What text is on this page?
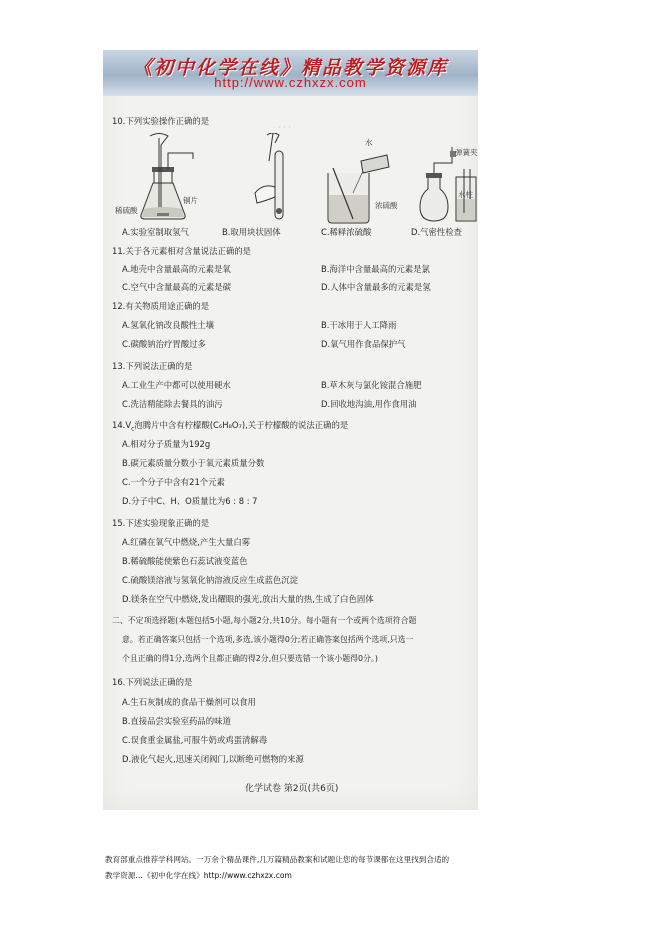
《初中化学在线》精品教学资源库
http://www.czhxzx.com
· · · ·
10.下列实验操作正确的是
稀硫酸
铜片
水
浓硫酸
弹簧夹
水柱
A.实验室制取氢气	B.取用块状固体	C.稀释浓硫酸	D.气密性检查
11.关于各元素相对含量说法正确的是
A.地壳中含量最高的元素是氧	B.海洋中含量最高的元素是氯
C.空气中含量最高的元素是碳	D.人体中含量最多的元素是氢
12.有关物质用途正确的是
A.氢氧化钠改良酸性土壤	B.干冰用于人工降雨
C.碳酸钠治疗胃酸过多	D.氧气用作食品保护气
13.下列说法正确的是
A.工业生产中都可以使用硬水	B.草木灰与氯化铵混合施肥
C.洗洁精能除去餐具的油污	D.回收地沟油,用作食用油
$14.V_c$泡腾片中含有柠檬酸(C₆H₈O₇),关于柠檬酸的说法正确的是
A.相对分子质量为192g
B.碳元素质量分数小于氧元素质量分数
C.一个分子中含有21个元素
D.分子中C、H、O质量比为6 : 8 : 7
15.下述实验现象正确的是
A.红磷在氧气中燃烧,产生大量白雾
B.稀硫酸能使紫色石蕊试液变蓝色
C.硫酸镁溶液与氢氧化钠溶液反应生成蓝色沉淀
D.镁条在空气中燃烧,发出耀眼的强光,放出大量的热,生成了白色固体
二、不定项选择题(本题包括5小题,每小题2分,共10分。每小题有一个或两个选项符合题
意。若正确答案只包括一个选项,多选,该小题得0分;若正确答案包括两个选项,只选一
个且正确的得1分,选两个且都正确的得2分,但只要选错一个该小题得0分。)
16.下列说法正确的是
A.生石灰制成的食品干燥剂可以食用
B.直接品尝实验室药品的味道
C.误食重金属盐,可服牛奶或鸡蛋清解毒
D.液化气起火,迅速关闭阀门,以断绝可燃物的来源
化学试卷 第2页(共6页)
教育部重点推荐学科网站。一万余个精品课件,几万篇精品教案和试题让您的每节课都在这里找到合适的
教学资源…《初中化学在线》http://www.czhxzx.com
